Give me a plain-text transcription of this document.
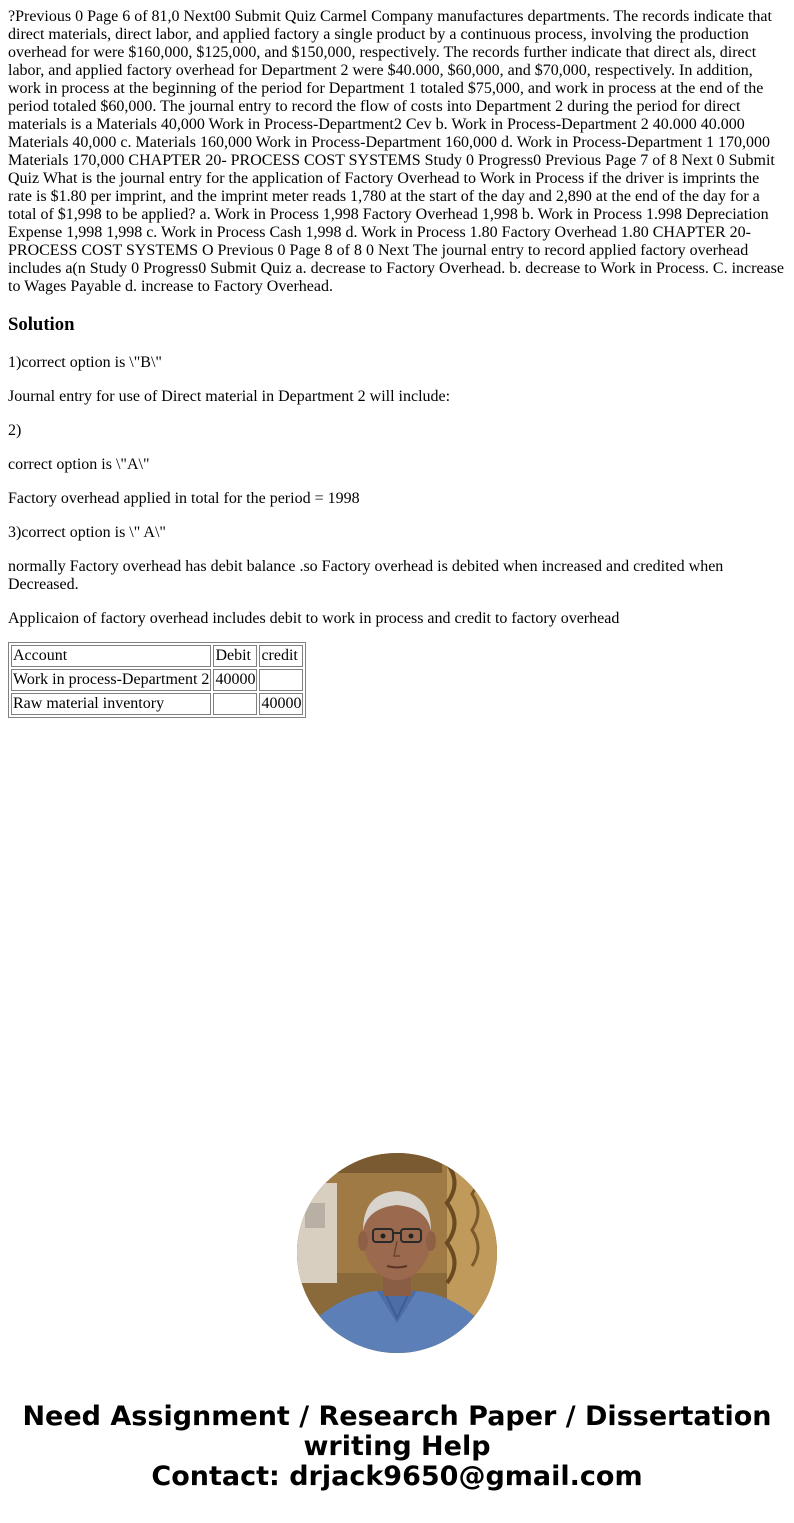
?Previous 0 Page 6 of 81,0 Next00 Submit Quiz Carmel Company manufactures departments. The records indicate that direct materials, direct labor, and applied factory a single product by a continuous process, involving the production overhead for were $160,000, $125,000, and $150,000, respectively. The records further indicate that direct als, direct labor, and applied factory overhead for Department 2 were $40.000, $60,000, and $70,000, respectively. In addition, work in process at the beginning of the period for Department 1 totaled $75,000, and work in process at the end of the period totaled $60,000. The journal entry to record the flow of costs into Department 2 during the period for direct materials is a Materials 40,000 Work in Process-Department2 Cev b. Work in Process-Department 2 40.000 40.000 Materials 40,000 c. Materials 160,000 Work in Process-Department 160,000 d. Work in Process-Department 1 170,000 Materials 170,000 CHAPTER 20- PROCESS COST SYSTEMS Study 0 Progress0 Previous Page 7 of 8 Next 0 Submit Quiz What is the journal entry for the application of Factory Overhead to Work in Process if the driver is imprints the rate is $1.80 per imprint, and the imprint meter reads 1,780 at the start of the day and 2,890 at the end of the day for a total of $1,998 to be applied? a. Work in Process 1,998 Factory Overhead 1,998 b. Work in Process 1.998 Depreciation Expense 1,998 1,998 c. Work in Process Cash 1,998 d. Work in Process 1.80 Factory Overhead 1.80 CHAPTER 20- PROCESS COST SYSTEMS O Previous 0 Page 8 of 8 0 Next The journal entry to record applied factory overhead includes a(n Study 0 Progress0 Submit Quiz a. decrease to Factory Overhead. b. decrease to Work in Process. C. increase to Wages Payable d. increase to Factory Overhead.
Solution

1)correct option is \"B\"

Journal entry for use of Direct material in Department 2 will include:

2)

correct option is \"A\"

Factory overhead applied in total for the period = 1998

3)correct option is \" A\"

normally Factory overhead has debit balance .so Factory overhead is debited when increased and credited when Decreased.

Applicaion of factory overhead includes debit to work in process and credit to factory overhead

Account	Debit	credit
Work in process-Department 2	40000	
Raw material inventory		40000
Need Assignment / Research Paper / Dissertation
writing Help
Contact: drjack9650@gmail.com
